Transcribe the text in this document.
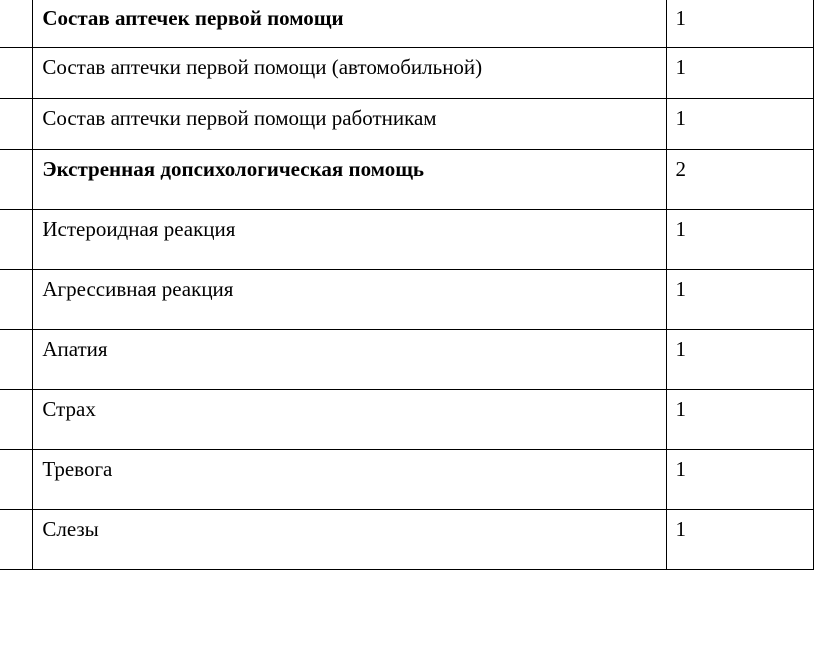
	Состав аптечек первой помощи	1

	Состав аптечки первой помощи (автомобильной)	1

	Состав аптечки первой помощи работникам	1

	Экстренная допсихологическая помощь	2

	Истероидная реакция	1

	Агрессивная реакция	1

	Апатия	1

	Страх	1

	Тревога	1

	Слезы	1
